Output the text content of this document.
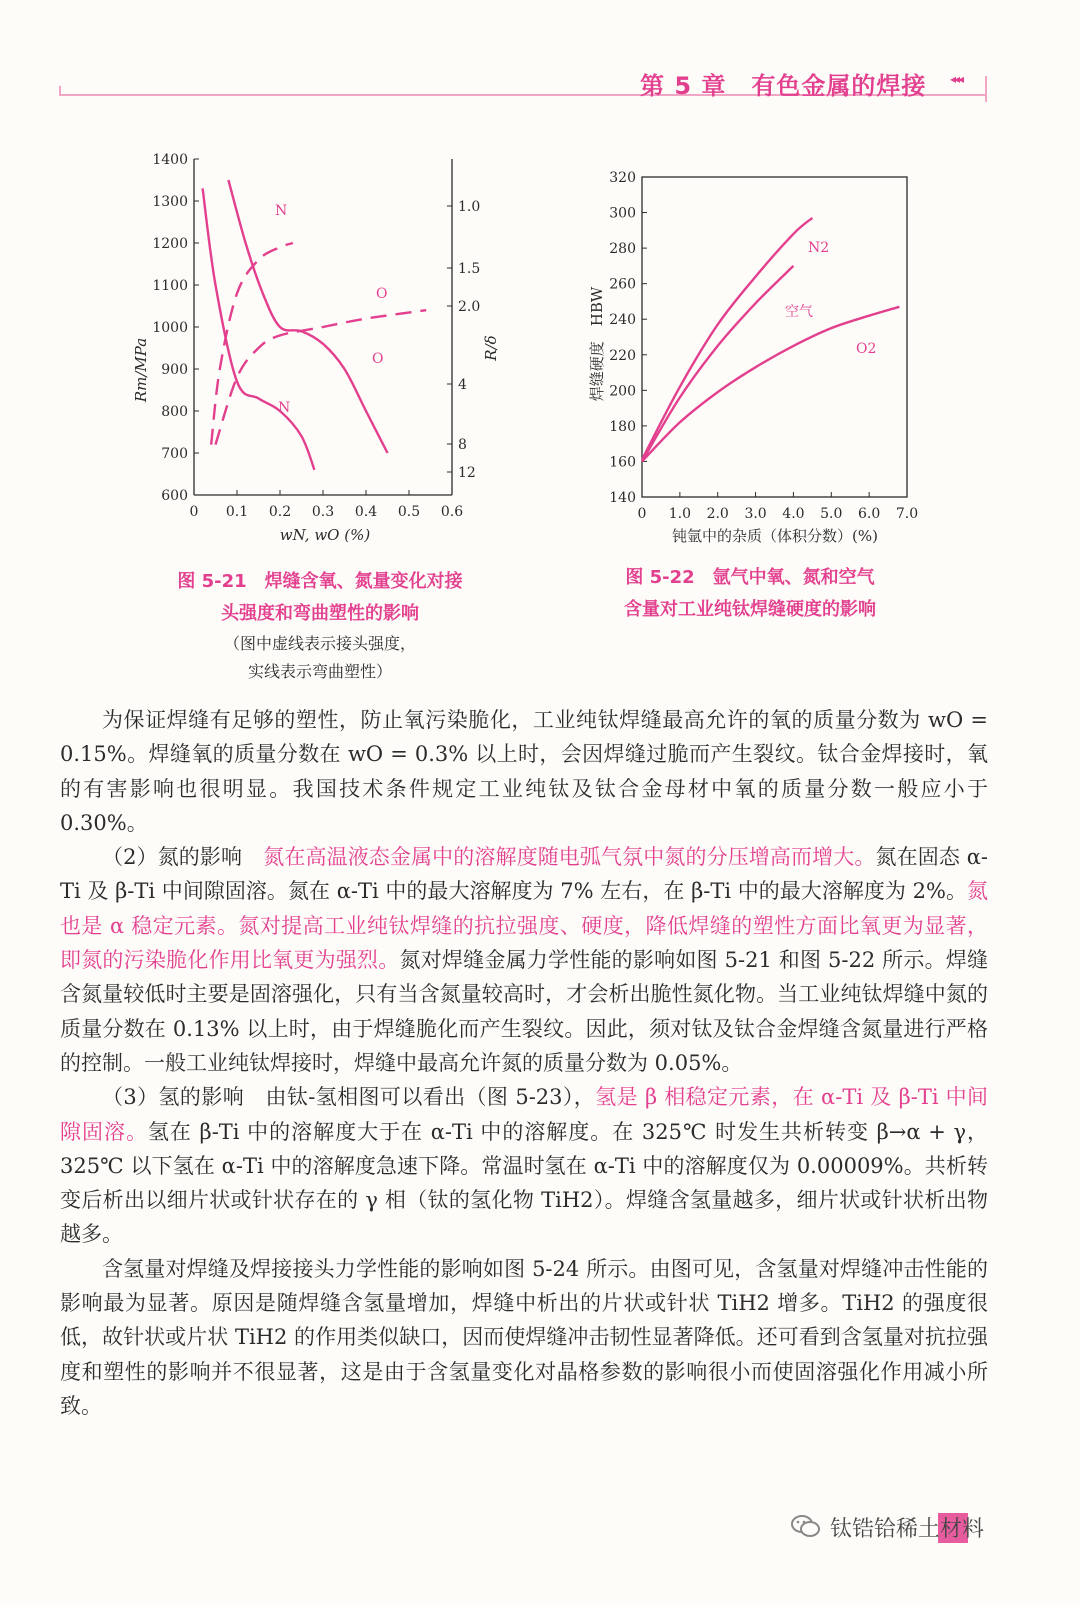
第 5 章　有色金属的焊接	◂◂◂
12
8
4
2.0
1.5
1.0
600
700
800
900
1000
1100
1200
1300
1400
0.6
0.5
0.4
0.3
0.2
0.1
0
Rm/MPa	R/δ
wN, wO (%)
N
O
O
N
图 5-21　焊缝含氧、氮量变化对接
头强度和弯曲塑性的影响
（图中虚线表示接头强度，
实线表示弯曲塑性）
140
160
180
200
220
240
260
280
300
320
7.0
6.0
5.0
4.0
3.0
2.0
1.0
0
焊缝硬度　HBW
钝氩中的杂质（体积分数）(%)
N2
空气
O2
图 5-22　氩气中氧、氮和空气
含量对工业纯钛焊缝硬度的影响

为保证焊缝有足够的塑性，防止氧污染脆化，工业纯钛焊缝最高允许的氧的质量分数为 wO = 0.15%。焊缝氧的质量分数在 wO = 0.3% 以上时，会因焊缝过脆而产生裂纹。钛合金焊接时，氧的有害影响也很明显。我国技术条件规定工业纯钛及钛合金母材中氧的质量分数一般应小于 0.30%。

（2）氮的影响　氮在高温液态金属中的溶解度随电弧气氛中氮的分压增高而增大。氮在固态 α-Ti 及 β-Ti 中间隙固溶。氮在 α-Ti 中的最大溶解度为 7% 左右，在 β-Ti 中的最大溶解度为 2%。氮也是 α 稳定元素。氮对提高工业纯钛焊缝的抗拉强度、硬度，降低焊缝的塑性方面比氧更为显著，即氮的污染脆化作用比氧更为强烈。氮对焊缝金属力学性能的影响如图 5-21 和图 5-22 所示。焊缝含氮量较低时主要是固溶强化，只有当含氮量较高时，才会析出脆性氮化物。当工业纯钛焊缝中氮的质量分数在 0.13% 以上时，由于焊缝脆化而产生裂纹。因此，须对钛及钛合金焊缝含氮量进行严格的控制。一般工业纯钛焊接时，焊缝中最高允许氮的质量分数为 0.05%。

（3）氢的影响　由钛-氢相图可以看出（图 5-23），氢是 β 相稳定元素，在 α-Ti 及 β-Ti 中间隙固溶。氢在 β-Ti 中的溶解度大于在 α-Ti 中的溶解度。在 325℃ 时发生共析转变 β→α + γ，325℃ 以下氢在 α-Ti 中的溶解度急速下降。常温时氢在 α-Ti 中的溶解度仅为 0.00009%。共析转变后析出以细片状或针状存在的 γ 相（钛的氢化物 TiH2）。焊缝含氢量越多，细片状或针状析出物越多。

含氢量对焊缝及焊接接头力学性能的影响如图 5-24 所示。由图可见，含氢量对焊缝冲击性能的影响最为显著。原因是随焊缝含氢量增加，焊缝中析出的片状或针状 TiH2 增多。TiH2 的强度很低，故针状或片状 TiH2 的作用类似缺口，因而使焊缝冲击韧性显著降低。还可看到含氢量对抗拉强度和塑性的影响并不很显著，这是由于含氢量变化对晶格参数的影响很小而使固溶强化作用减小所致。

钛锆铪稀土材料
